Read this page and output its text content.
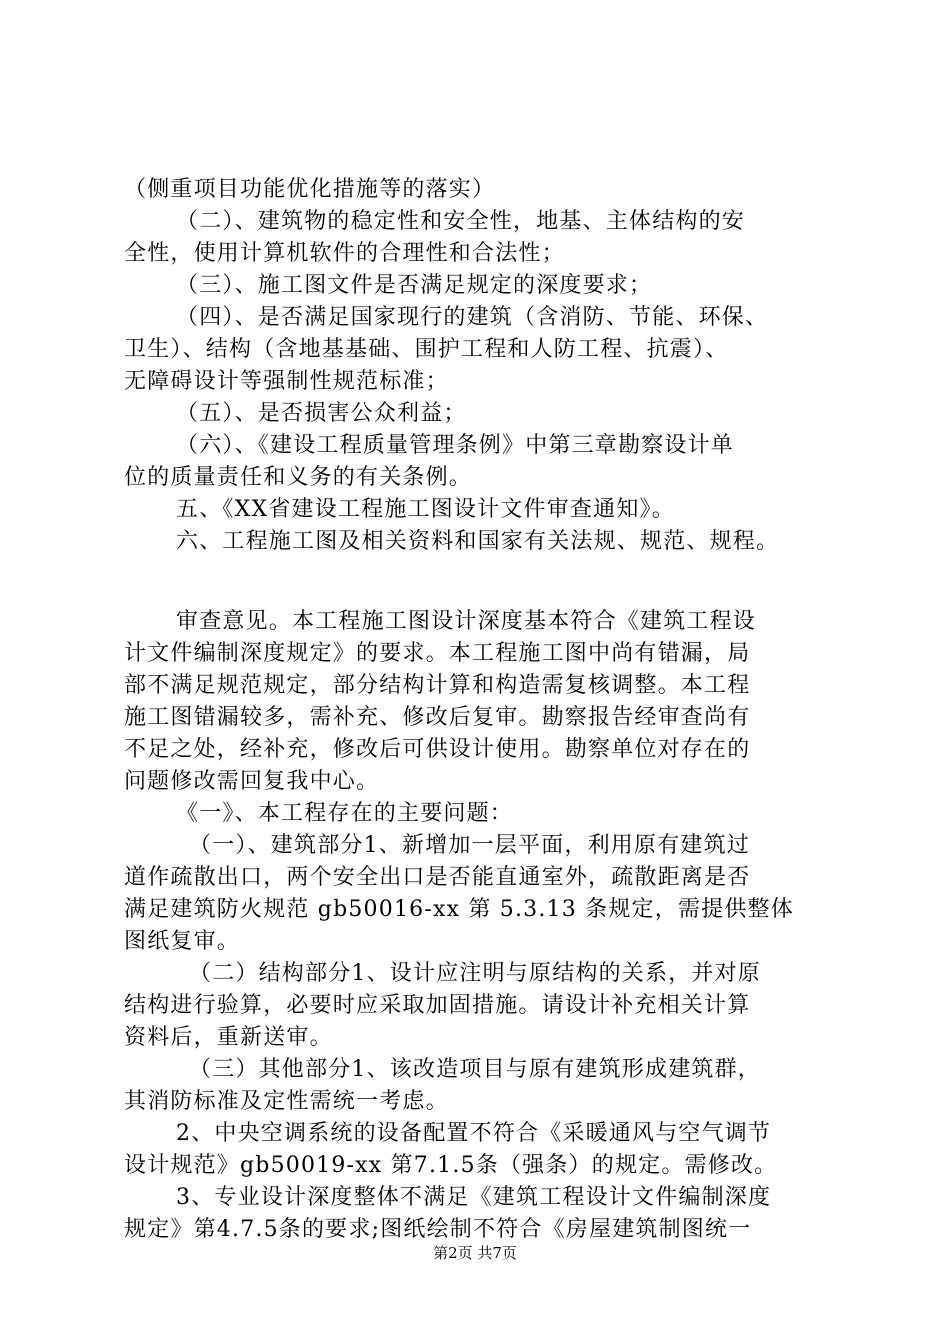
（侧重项目功能优化措施等的落实）
（二）、建筑物的稳定性和安全性，地基、主体结构的安
全性，使用计算机软件的合理性和合法性；
（三）、施工图文件是否满足规定的深度要求；
（四）、是否满足国家现行的建筑（含消防、节能、环保、
卫生）、结构（含地基基础、围护工程和人防工程、抗震）、
无障碍设计等强制性规范标准；
（五）、是否损害公众利益；
（六）、《建设工程质量管理条例》中第三章勘察设计单
位的质量责任和义务的有关条例。
五、《XX省建设工程施工图设计文件审查通知》。
六、工程施工图及相关资料和国家有关法规、规范、规程。
审查意见。本工程施工图设计深度基本符合《建筑工程设
计文件编制深度规定》的要求。本工程施工图中尚有错漏，局
部不满足规范规定，部分结构计算和构造需复核调整。本工程
施工图错漏较多，需补充、修改后复审。勘察报告经审查尚有
不足之处，经补充，修改后可供设计使用。勘察单位对存在的
问题修改需回复我中心。
《一》、本工程存在的主要问题：
（一）、建筑部分1、新增加一层平面，利用原有建筑过
道作疏散出口，两个安全出口是否能直通室外，疏散距离是否
满足建筑防火规范 gb50016-xx 第 5.3.13 条规定，需提供整体
图纸复审。
（二）结构部分1、设计应注明与原结构的关系，并对原
结构进行验算，必要时应采取加固措施。请设计补充相关计算
资料后，重新送审。
（三）其他部分1、该改造项目与原有建筑形成建筑群，
其消防标准及定性需统一考虑。
2、中央空调系统的设备配置不符合《采暖通风与空气调节
设计规范》gb50019-xx 第7.1.5条（强条）的规定。需修改。
3、专业设计深度整体不满足《建筑工程设计文件编制深度
规定》第4.7.5条的要求;图纸绘制不符合《房屋建筑制图统一
第2页 共7页
